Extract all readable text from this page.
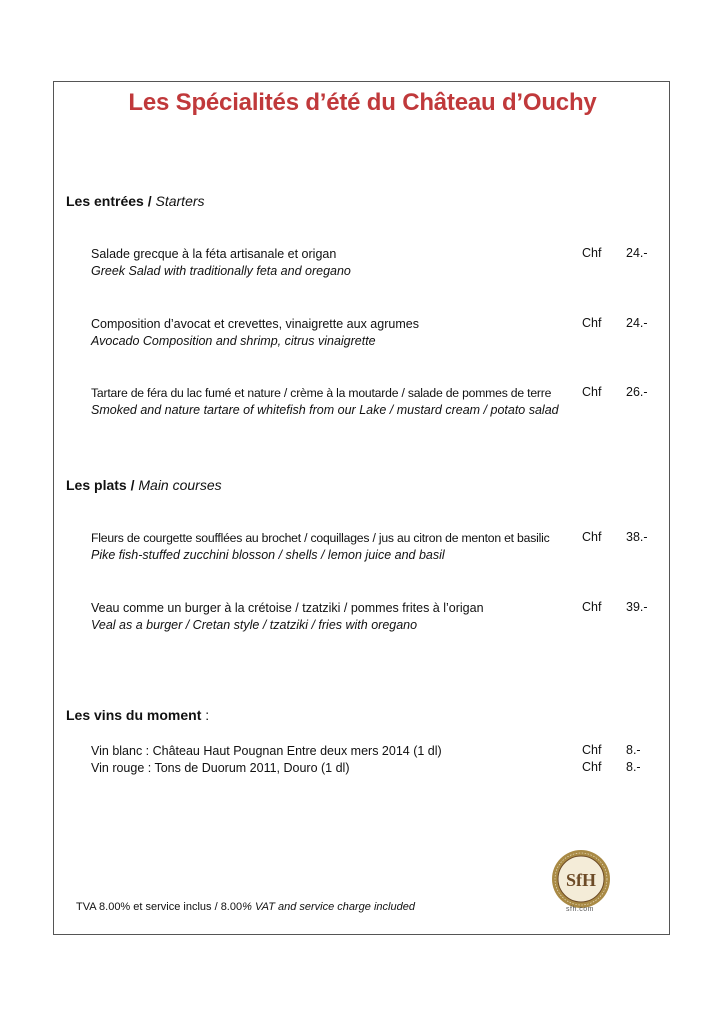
Les Spécialités d’été du Château d’Ouchy
Les entrées / Starters
Salade grecque à la féta artisanale et origan
Greek Salad with traditionally feta and oregano
Chf 24.-
Composition d’avocat et crevettes, vinaigrette aux agrumes
Avocado Composition and shrimp, citrus vinaigrette
Chf 24.-
Tartare de féra du lac fumé et nature / crème à la moutarde / salade de pommes de terre
Smoked and nature tartare of whitefish from our Lake / mustard cream / potato salad
Chf 26.-
Les plats / Main courses
Fleurs de courgette soufflées au brochet / coquillages / jus au citron de menton et basilic
Pike fish-stuffed zucchini blosson / shells / lemon juice and basil
Chf 38.-
Veau comme un burger à la crétoise / tzatziki / pommes frites à l’origan
Veal as a burger / Cretan style / tzatziki / fries with oregano
Chf 39.-
Les vins du moment :
Vin blanc : Château Haut Pougnan Entre deux mers 2014 (1 dl)	Chf 8.-
Vin rouge : Tons de Duorum 2011, Douro (1 dl)	Chf 8.-
TVA 8.00% et service inclus / 8.00% VAT and service charge included
SfH
sfh.com
